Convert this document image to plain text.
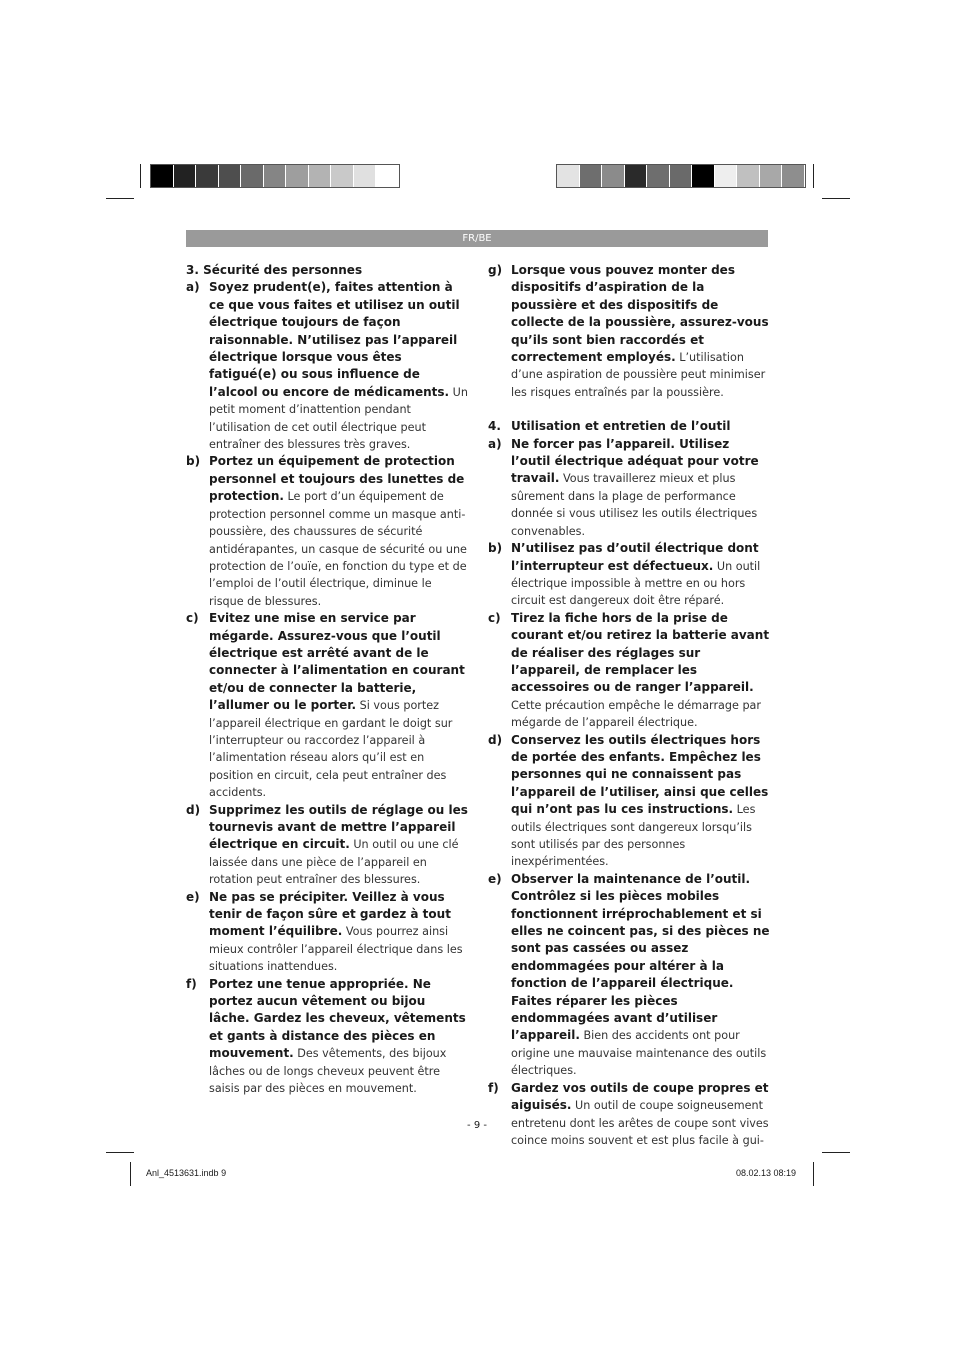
FR/BE

3. Sécurité des personnes

a) Soyez prudent(e), faites attention à ce que vous faites et utilisez un outil électrique toujours de façon raisonnable. N’utilisez pas l’appareil électrique lorsque vous êtes fatigué(e) ou sous influence de l’alcool ou encore de médicaments. Un petit moment d’inattention pendant l’utilisation de cet outil électrique peut entraîner des blessures très graves.
b) Portez un équipement de protection personnel et toujours des lunettes de protection. Le port d’un équipement de protection personnel comme un masque anti-poussière, des chaussures de sécurité antidérapantes, un casque de sécurité ou une protection de l’ouïe, en fonction du type et de l’emploi de l’outil électrique, diminue le risque de blessures.
c) Evitez une mise en service par mégarde. Assurez-vous que l’outil électrique est arrêté avant de le connecter à l’alimentation en courant et/ou de connecter la batterie, l’allumer ou le porter. Si vous portez l’appareil électrique en gardant le doigt sur l’interrupteur ou raccordez l’appareil à l’alimentation réseau alors qu’il est en position en circuit, cela peut entraîner des accidents.
d) Supprimez les outils de réglage ou les tournevis avant de mettre l’appareil électrique en circuit. Un outil ou une clé laissée dans une pièce de l’appareil en rotation peut entraîner des blessures.
e) Ne pas se précipiter. Veillez à vous tenir de façon sûre et gardez à tout moment l’équilibre. Vous pourrez ainsi mieux contrôler l’appareil électrique dans les situations inattendues.
f)	Portez une tenue appropriée. Ne portez aucun vêtement ou bijou lâche. Gardez les cheveux, vêtements et gants à distance des pièces en mouvement. Des vêtements, des bijoux lâches ou de longs cheveux peuvent être saisis par des pièces en mouvement.
g) Lorsque vous pouvez monter des dispositifs d’aspiration de la poussière et des dispositifs de collecte de la poussière, assurez-vous qu’ils sont bien raccordés et correctement employés. L’utilisation d’une aspiration de poussière peut minimiser les risques entraînés par la poussière.

4. Utilisation et entretien de l’outil

a) Ne forcer pas l’appareil. Utilisez l’outil électrique adéquat pour votre travail. Vous travaillerez mieux et plus sûrement dans la plage de performance donnée si vous utilisez les outils électriques convenables.
b) N’utilisez pas d’outil électrique dont l’interrupteur est défectueux. Un outil électrique impossible à mettre en ou hors circuit est dangereux doit être réparé.
c) Tirez la fiche hors de la prise de courant et/ou retirez la batterie avant de réaliser des réglages sur l’appareil, de remplacer les accessoires ou de ranger l’appareil. Cette précaution empêche le démarrage par mégarde de l’appareil électrique.
d) Conservez les outils électriques hors de portée des enfants. Empêchez les personnes qui ne connaissent pas l’appareil de l’utiliser, ainsi que celles qui n’ont pas lu ces instructions. Les outils électriques sont dangereux lorsqu’ils sont utilisés par des personnes inexpérimentées.
e) Observer la maintenance de l’outil. Contrôlez si les pièces mobiles fonctionnent irréprochablement et si elles ne coincent pas, si des pièces ne sont pas cassées ou assez endommagées pour altérer à la fonction de l’appareil électrique. Faites réparer les pièces endommagées avant d’utiliser l’appareil. Bien des accidents ont pour origine une mauvaise maintenance des outils électriques.
f)	Gardez vos outils de coupe propres et aiguisés. Un outil de coupe soigneusement entretenu dont les arêtes de coupe sont vives coince moins souvent et est plus facile à gui-
- 9 -
Anl_4513631.indb 9	08.02.13 08:19
